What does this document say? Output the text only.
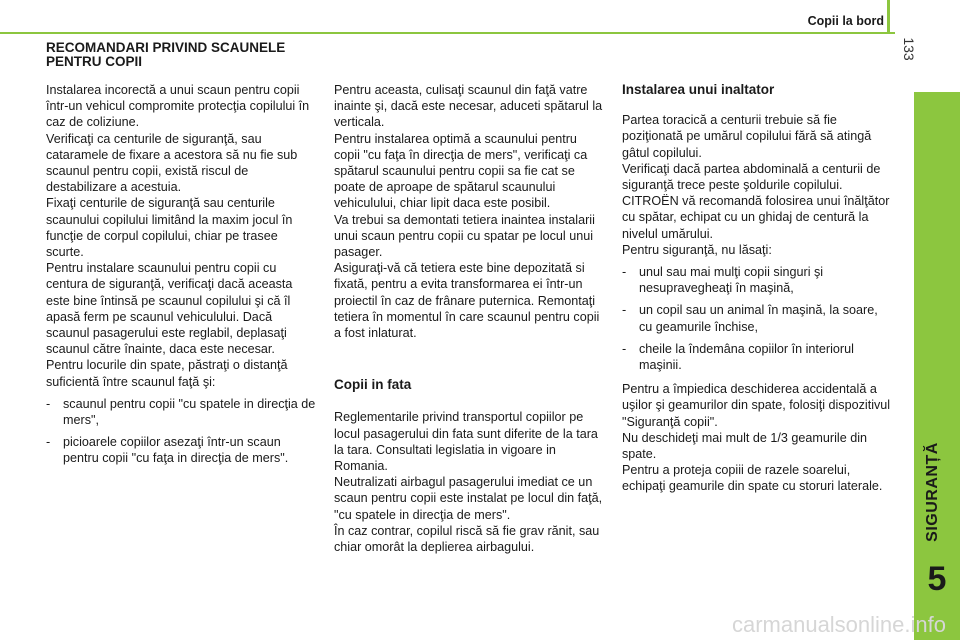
Copii la bord
133
SIGURANȚĂ
5
RECOMANDARI PRIVIND SCAUNELE PENTRU COPII

Instalarea incorectă a unui scaun pentru copii într-un vehicul compromite protecţia copilului în caz de coliziune.
Verificaţi ca centurile de siguranţă, sau cataramele de fixare a acestora să nu fie sub scaunul pentru copii, există riscul de destabilizare a acestuia.
Fixaţi centurile de siguranţă sau centurile scaunului copilului limitând la maxim jocul în funcţie de corpul copilului, chiar pe trasee scurte.
Pentru instalare scaunului pentru copii cu centura de siguranţă, verificaţi dacă aceasta este bine întinsă pe scaunul copilului şi că îl apasă ferm pe scaunul vehiculului. Dacă scaunul pasagerului este reglabil, deplasaţi scaunul către înainte, daca este necesar.
Pentru locurile din spate, păstraţi o distanţă suficientă între scaunul faţă şi:

- scaunul pentru copii "cu spatele in direcţia de mers",
- picioarele copiilor asezaţi într-un scaun pentru copii "cu faţa in direcţia de mers".

Pentru aceasta, culisaţi scaunul din faţă vatre inainte şi, dacă este necesar, aduceti spătarul la verticala.
Pentru instalarea optimă a scaunului pentru copii "cu faţa în direcţia de mers", verificaţi ca spătarul scaunului pentru copii sa fie cat se poate de aproape de spătarul scaunului vehiculului, chiar lipit daca este posibil.
Va trebui sa demontati tetiera inaintea instalarii unui scaun pentru copii cu spatar pe locul unui pasager.
Asiguraţi-vă că tetiera este bine depozitată si fixată, pentru a evita transformarea ei într-un proiectil în caz de frânare puternica. Remontaţi tetiera în momentul în care scaunul pentru copii a fost inlaturat.

Copii in fata

Reglementarile privind transportul copiilor pe locul pasagerului din fata sunt diferite de la tara la tara. Consultati legislatia in vigoare in Romania.
Neutralizati airbagul pasagerului imediat ce un scaun pentru copii este instalat pe locul din faţă, "cu spatele in direcţia de mers".
În caz contrar, copilul riscă să fie grav rănit, sau chiar omorât la deplierea airbagului.

Instalarea unui inaltator

Partea toracică a centurii trebuie să fie poziţionată pe umărul copilului fără să atingă gâtul copilului.
Verificaţi dacă partea abdominală a centurii de siguranţă trece peste şoldurile copilului.
CITROËN vă recomandă folosirea unui înălţător cu spătar, echipat cu un ghidaj de centură la nivelul umărului.
Pentru siguranţă, nu lăsaţi:

- unul sau mai mulţi copii singuri şi nesupravegheaţi în maşină,
- un copil sau un animal în maşină, la soare, cu geamurile închise,
- cheile la îndemâna copiilor în interiorul maşinii.

Pentru a împiedica deschiderea accidentală a uşilor şi geamurilor din spate, folosiţi dispozitivul "Siguranţă copii".
Nu deschideţi mai mult de 1/3 geamurile din spate.
Pentru a proteja copiii de razele soarelui, echipaţi geamurile din spate cu storuri laterale.

carmanualsonline.info
